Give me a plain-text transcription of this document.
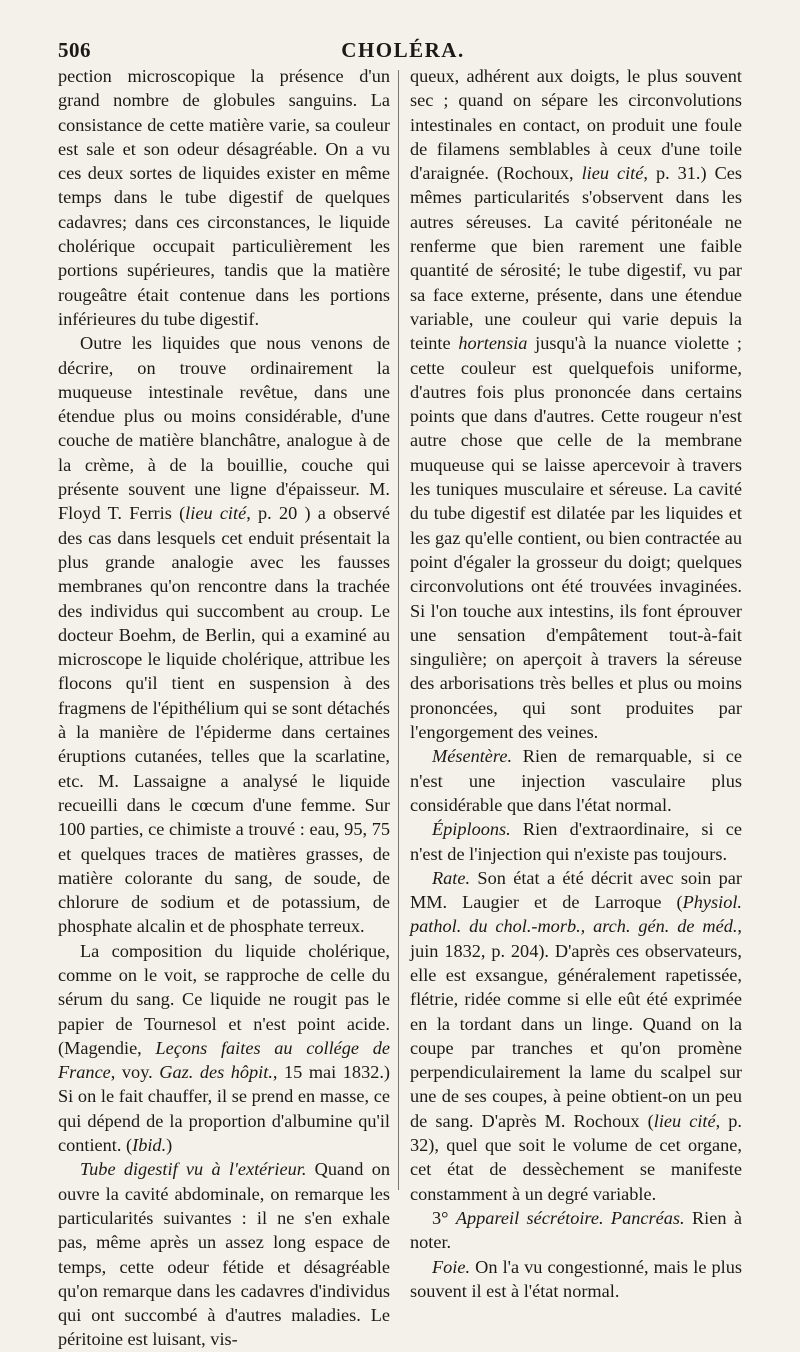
506	CHOLÉRA.

pection microscopique la présence d'un grand nombre de globules sanguins. La consistance de cette matière varie, sa couleur est sale et son odeur désagréable. On a vu ces deux sortes de liquides exister en même temps dans le tube digestif de quelques cadavres; dans ces circonstances, le liquide cholérique occupait particulièrement les portions supérieures, tandis que la matière rougeâtre était contenue dans les portions inférieures du tube digestif.

Outre les liquides que nous venons de décrire, on trouve ordinairement la muqueuse intestinale revêtue, dans une étendue plus ou moins considérable, d'une couche de matière blanchâtre, analogue à de la crème, à de la bouillie, couche qui présente souvent une ligne d'épaisseur. M. Floyd T. Ferris (lieu cité, p. 20 ) a observé des cas dans lesquels cet enduit présentait la plus grande analogie avec les fausses membranes qu'on rencontre dans la trachée des individus qui succombent au croup. Le docteur Boehm, de Berlin, qui a examiné au microscope le liquide cholérique, attribue les flocons qu'il tient en suspension à des fragmens de l'épithélium qui se sont détachés à la manière de l'épiderme dans certaines éruptions cutanées, telles que la scarlatine, etc. M. Lassaigne a analysé le liquide recueilli dans le cœcum d'une femme. Sur 100 parties, ce chimiste a trouvé : eau, 95, 75 et quelques traces de matières grasses, de matière colorante du sang, de soude, de chlorure de sodium et de potassium, de phosphate alcalin et de phosphate terreux.

La composition du liquide cholérique, comme on le voit, se rapproche de celle du sérum du sang. Ce liquide ne rougit pas le papier de Tournesol et n'est point acide. (Magendie, Leçons faites au collége de France, voy. Gaz. des hôpit., 15 mai 1832.) Si on le fait chauffer, il se prend en masse, ce qui dépend de la proportion d'albumine qu'il contient. (Ibid.)

Tube digestif vu à l'extérieur. Quand on ouvre la cavité abdominale, on remarque les particularités suivantes : il ne s'en exhale pas, même après un assez long espace de temps, cette odeur fétide et désagréable qu'on remarque dans les cadavres d'individus qui ont succombé à d'autres maladies. Le péritoine est luisant, vis-

queux, adhérent aux doigts, le plus souvent sec ; quand on sépare les circonvolutions intestinales en contact, on produit une foule de filamens semblables à ceux d'une toile d'araignée. (Rochoux, lieu cité, p. 31.) Ces mêmes particularités s'observent dans les autres séreuses. La cavité péritonéale ne renferme que bien rarement une faible quantité de sérosité; le tube digestif, vu par sa face externe, présente, dans une étendue variable, une couleur qui varie depuis la teinte hortensia jusqu'à la nuance violette ; cette couleur est quelquefois uniforme, d'autres fois plus prononcée dans certains points que dans d'autres. Cette rougeur n'est autre chose que celle de la membrane muqueuse qui se laisse apercevoir à travers les tuniques musculaire et séreuse. La cavité du tube digestif est dilatée par les liquides et les gaz qu'elle contient, ou bien contractée au point d'égaler la grosseur du doigt; quelques circonvolutions ont été trouvées invaginées. Si l'on touche aux intestins, ils font éprouver une sensation d'empâtement tout-à-fait singulière; on aperçoit à travers la séreuse des arborisations très belles et plus ou moins prononcées, qui sont produites par l'engorgement des veines.

Mésentère. Rien de remarquable, si ce n'est une injection vasculaire plus considérable que dans l'état normal.

Épiploons. Rien d'extraordinaire, si ce n'est de l'injection qui n'existe pas toujours.

Rate. Son état a été décrit avec soin par MM. Laugier et de Larroque (Physiol. pathol. du chol.-morb., arch. gén. de méd., juin 1832, p. 204). D'après ces observateurs, elle est exsangue, généralement rapetissée, flétrie, ridée comme si elle eût été exprimée en la tordant dans un linge. Quand on la coupe par tranches et qu'on promène perpendiculairement la lame du scalpel sur une de ses coupes, à peine obtient-on un peu de sang. D'après M. Rochoux (lieu cité, p. 32), quel que soit le volume de cet organe, cet état de dessèchement se manifeste constamment à un degré variable.

3° Appareil sécrétoire. Pancréas. Rien à noter.

Foie. On l'a vu congestionné, mais le plus souvent il est à l'état normal.
